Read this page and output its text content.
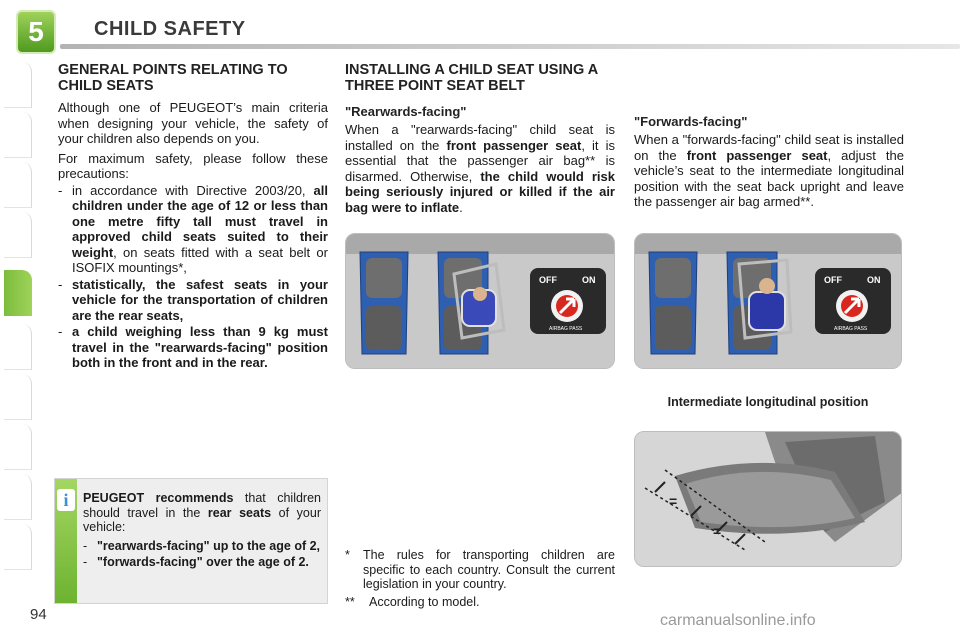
5	CHILD SAFETY
GENERAL POINTS RELATING TO CHILD SEATS
Although one of PEUGEOT’s main criteria when designing your vehicle, the safety of your children also depends on you.
For maximum safety, please follow these precautions:
- in accordance with Directive 2003/20, all children under the age of 12 or less than one metre fifty tall must travel in approved child seats suited to their weight, on seats fitted with a seat belt or ISOFIX mountings*,
- statistically, the safest seats in your vehicle for the transportation of children are the rear seats,
- a child weighing less than 9 kg must travel in the "rearwards-facing" position both in the front and in the rear.
i	PEUGEOT recommends that children should travel in the rear seats of your vehicle:
- "rearwards-facing" up to the age of 2,
- "forwards-facing" over the age of 2.
94
INSTALLING A CHILD SEAT USING A THREE POINT SEAT BELT
"Rearwards-facing"
When a "rearwards-facing" child seat is installed on the front passenger seat, it is essential that the passenger air bag** is disarmed. Otherwise, the child would risk being seriously injured or killed if the air bag were to inflate.
"Forwards-facing"
When a "forwards-facing" child seat is installed on the front passenger seat, adjust the vehicle’s seat to the intermediate longitudinal position with the seat back upright and leave the passenger air bag armed**.
OFF	ON
AIRBAG PASS
OFF	ON
AIRBAG PASS
Intermediate longitudinal position
=
=
* The rules for transporting children are specific to each country. Consult the current legislation in your country.
** According to model.
carmanualsonline.info
